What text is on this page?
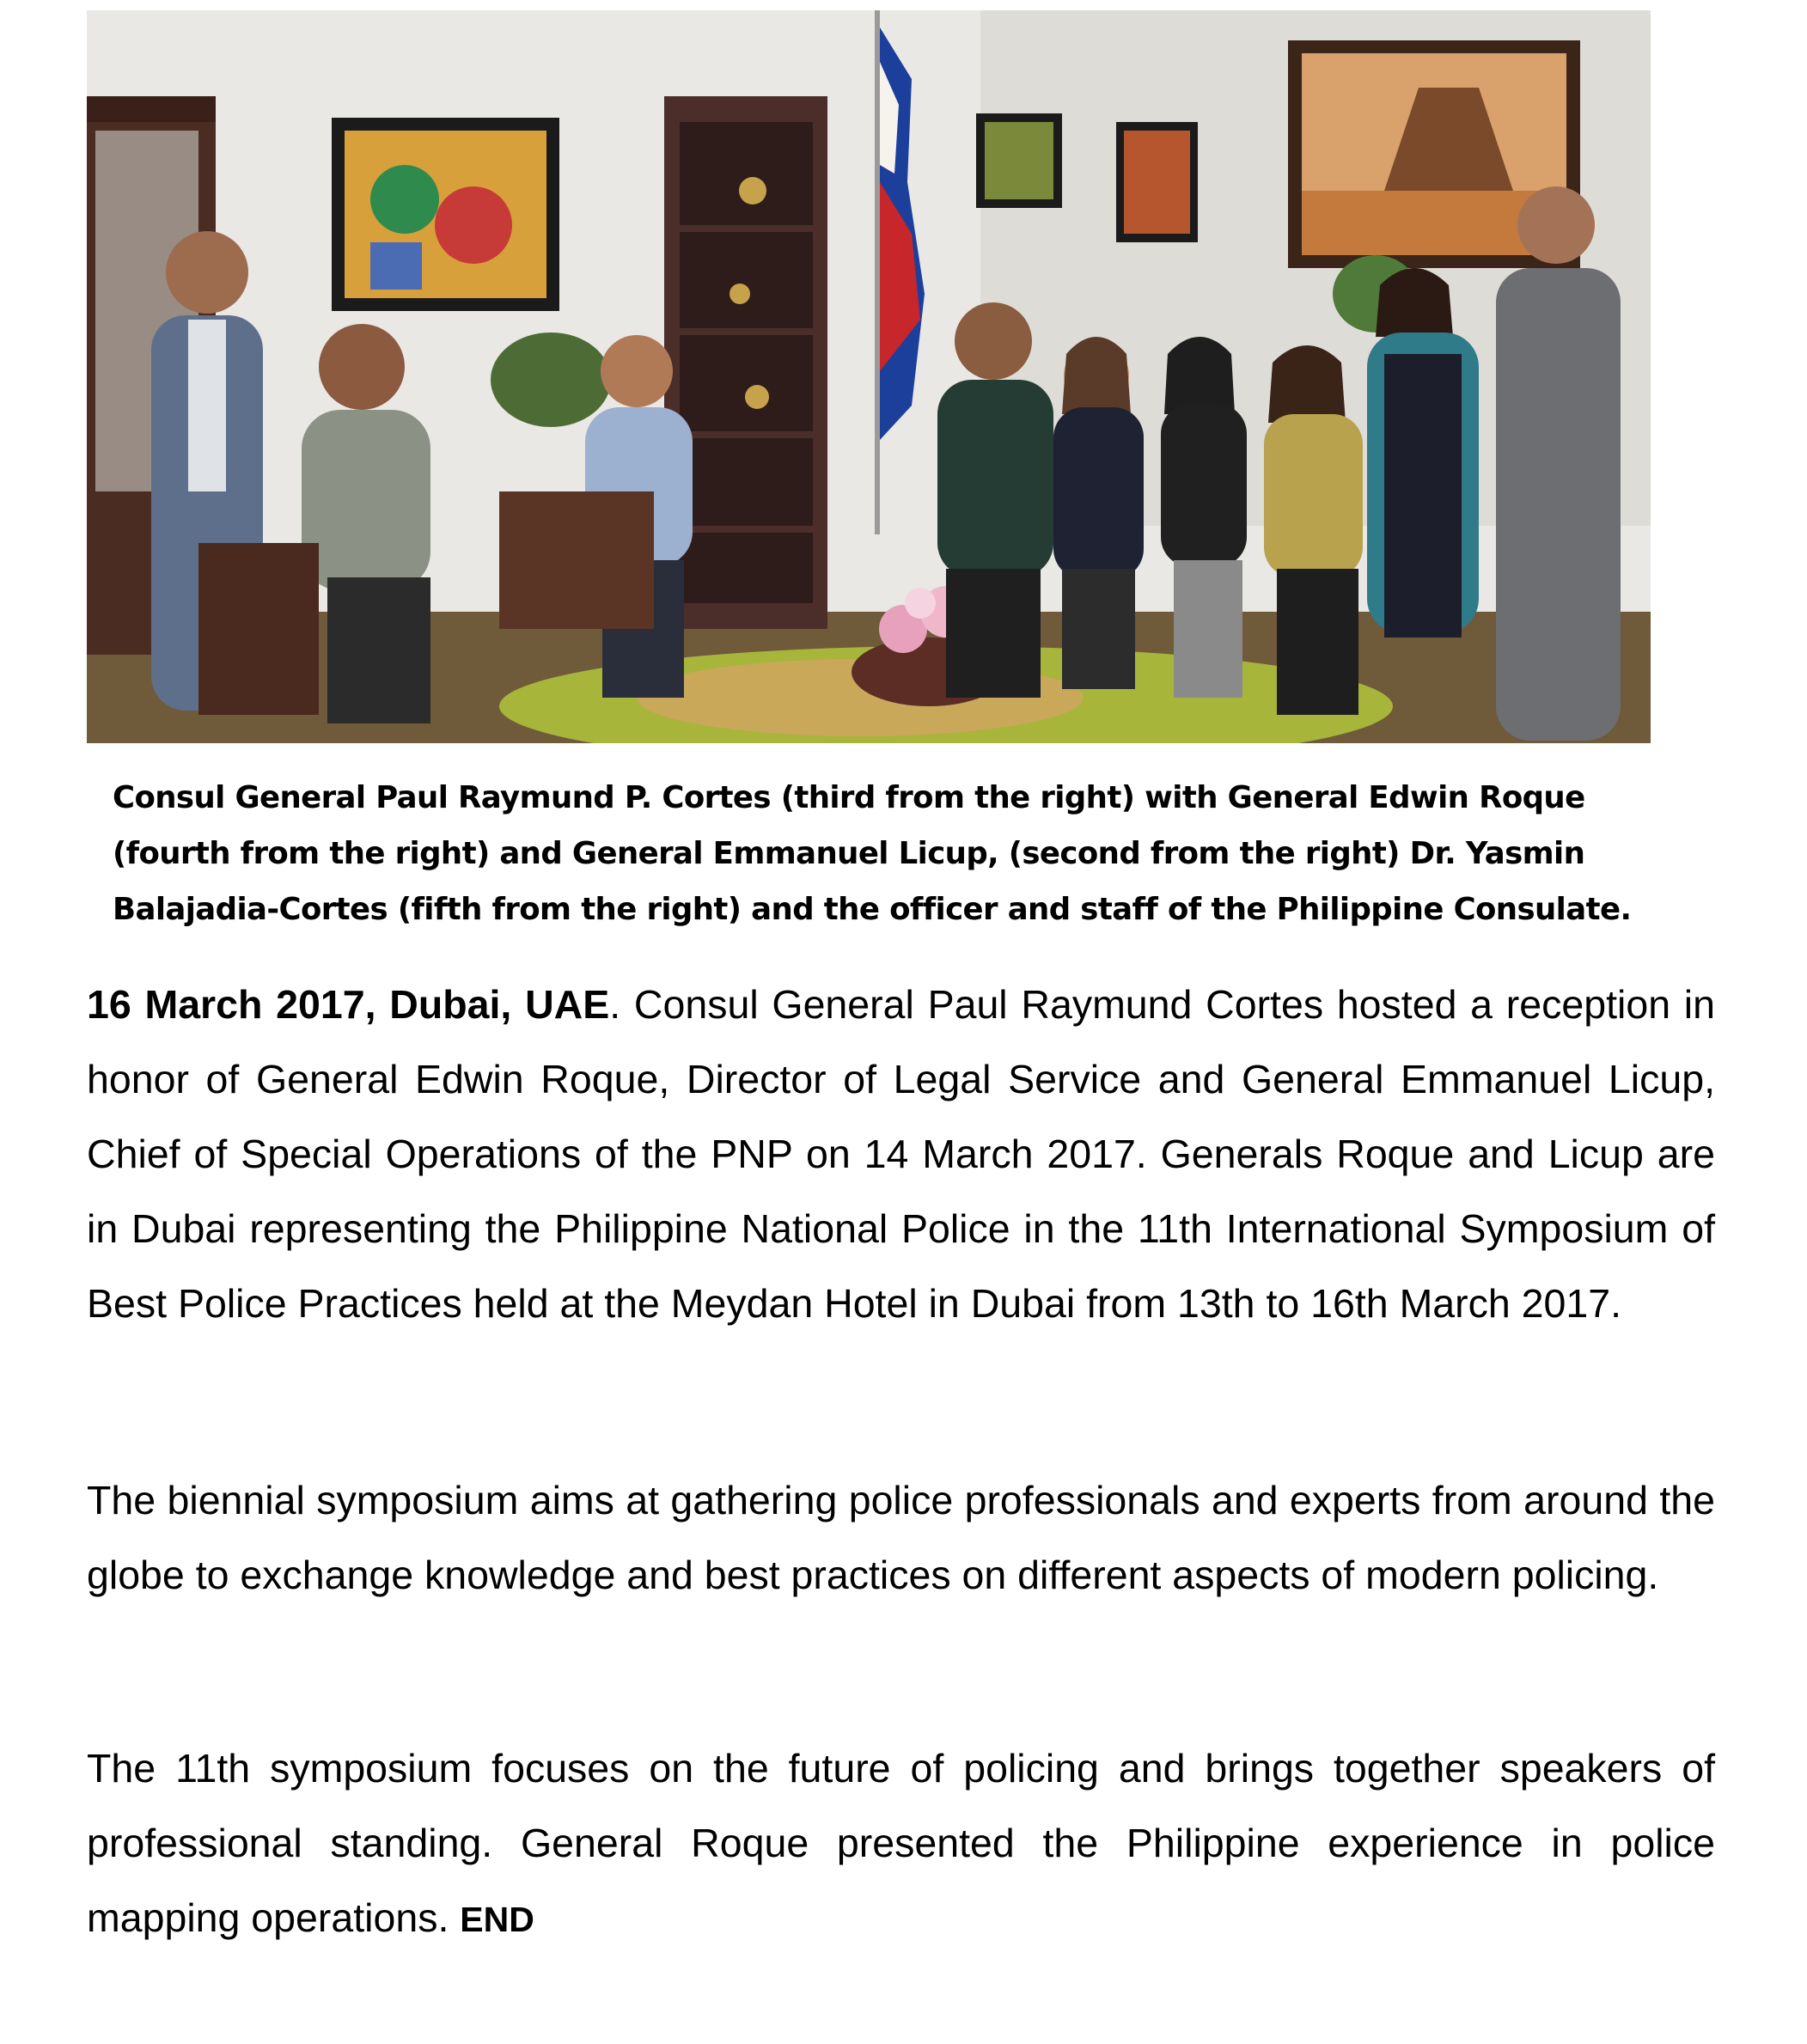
Consul General Paul Raymund P. Cortes (third from the right) with General Edwin Roque
(fourth from the right) and General Emmanuel Licup, (second from the right) Dr. Yasmin
Balajadia-Cortes (fifth from the right) and the officer and staff of the Philippine Consulate.
16 March 2017, Dubai, UAE. Consul General Paul Raymund Cortes hosted a reception in honor of General Edwin Roque, Director of Legal Service and General Emmanuel Licup, Chief of Special Operations of the PNP on 14 March 2017. Generals Roque and Licup are in Dubai representing the Philippine National Police in the 11th International Symposium of Best Police Practices held at the Meydan Hotel in Dubai from 13th to 16th March 2017.
The biennial symposium aims at gathering police professionals and experts from around the globe to exchange knowledge and best practices on different aspects of modern policing.
The 11th symposium focuses on the future of policing and brings together speakers of professional standing. General Roque presented the Philippine experience in police mapping operations. END
